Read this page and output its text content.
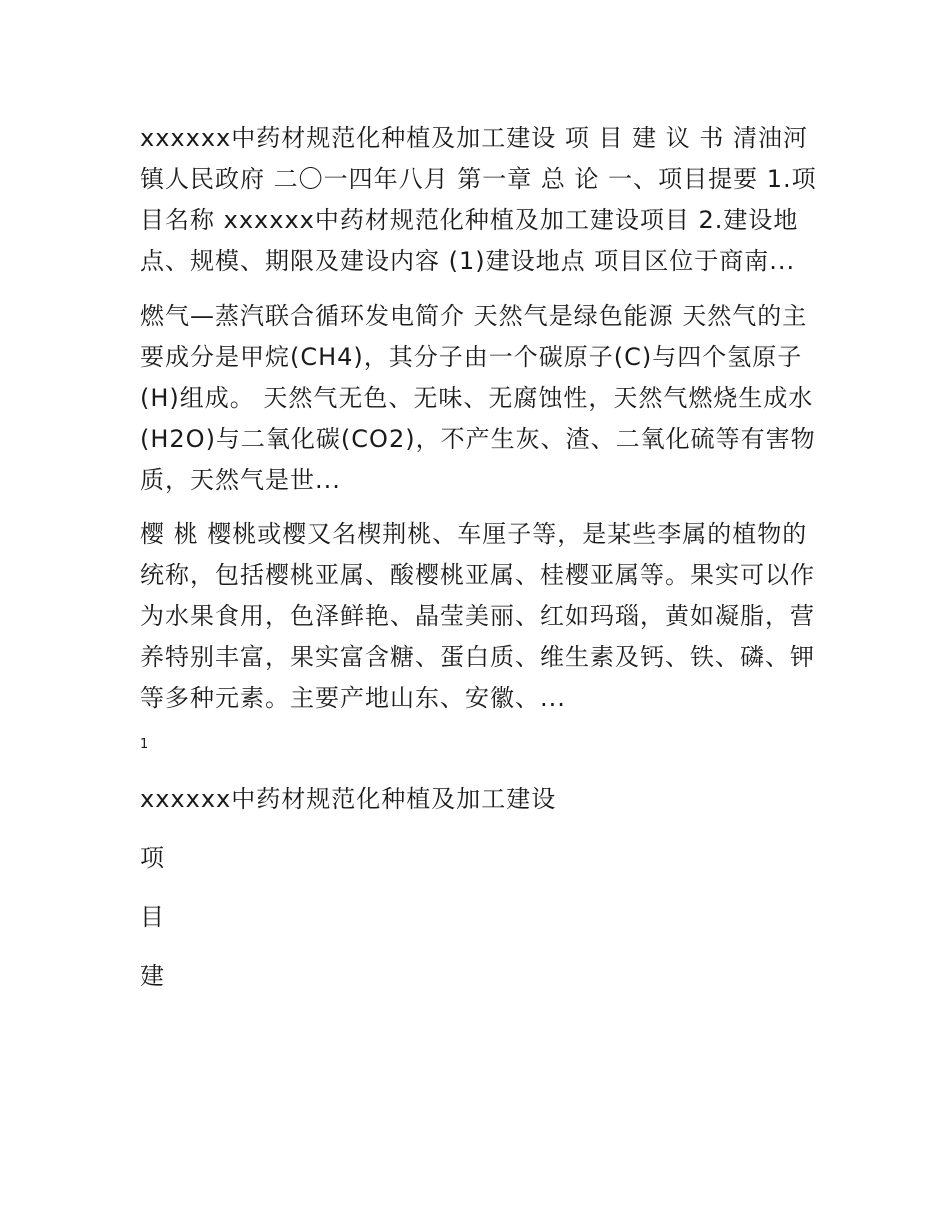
xxxxxx中药材规范化种植及加工建设 项 目 建 议 书 清油河镇人民政府 二〇一四年八月 第一章 总 论 一、项目提要 1.项目名称 xxxxxx中药材规范化种植及加工建设项目 2.建设地点、规模、期限及建设内容 (1)建设地点 项目区位于商南...

燃气—蒸汽联合循环发电简介 天然气是绿色能源 天然气的主要成分是甲烷(CH4)，其分子由一个碳原子(C)与四个氢原子(H)组成。 天然气无色、无味、无腐蚀性，天然气燃烧生成水(H2O)与二氧化碳(CO2)，不产生灰、渣、二氧化硫等有害物质，天然气是世...

樱 桃 樱桃或樱又名楔荆桃、车厘子等，是某些李属的植物的统称，包括樱桃亚属、酸樱桃亚属、桂樱亚属等。果实可以作为水果食用，色泽鲜艳、晶莹美丽、红如玛瑙，黄如凝脂，营养特别丰富，果实富含糖、蛋白质、维生素及钙、铁、磷、钾等多种元素。主要产地山东、安徽、...

1
xxxxxx中药材规范化种植及加工建设
项
目
建
